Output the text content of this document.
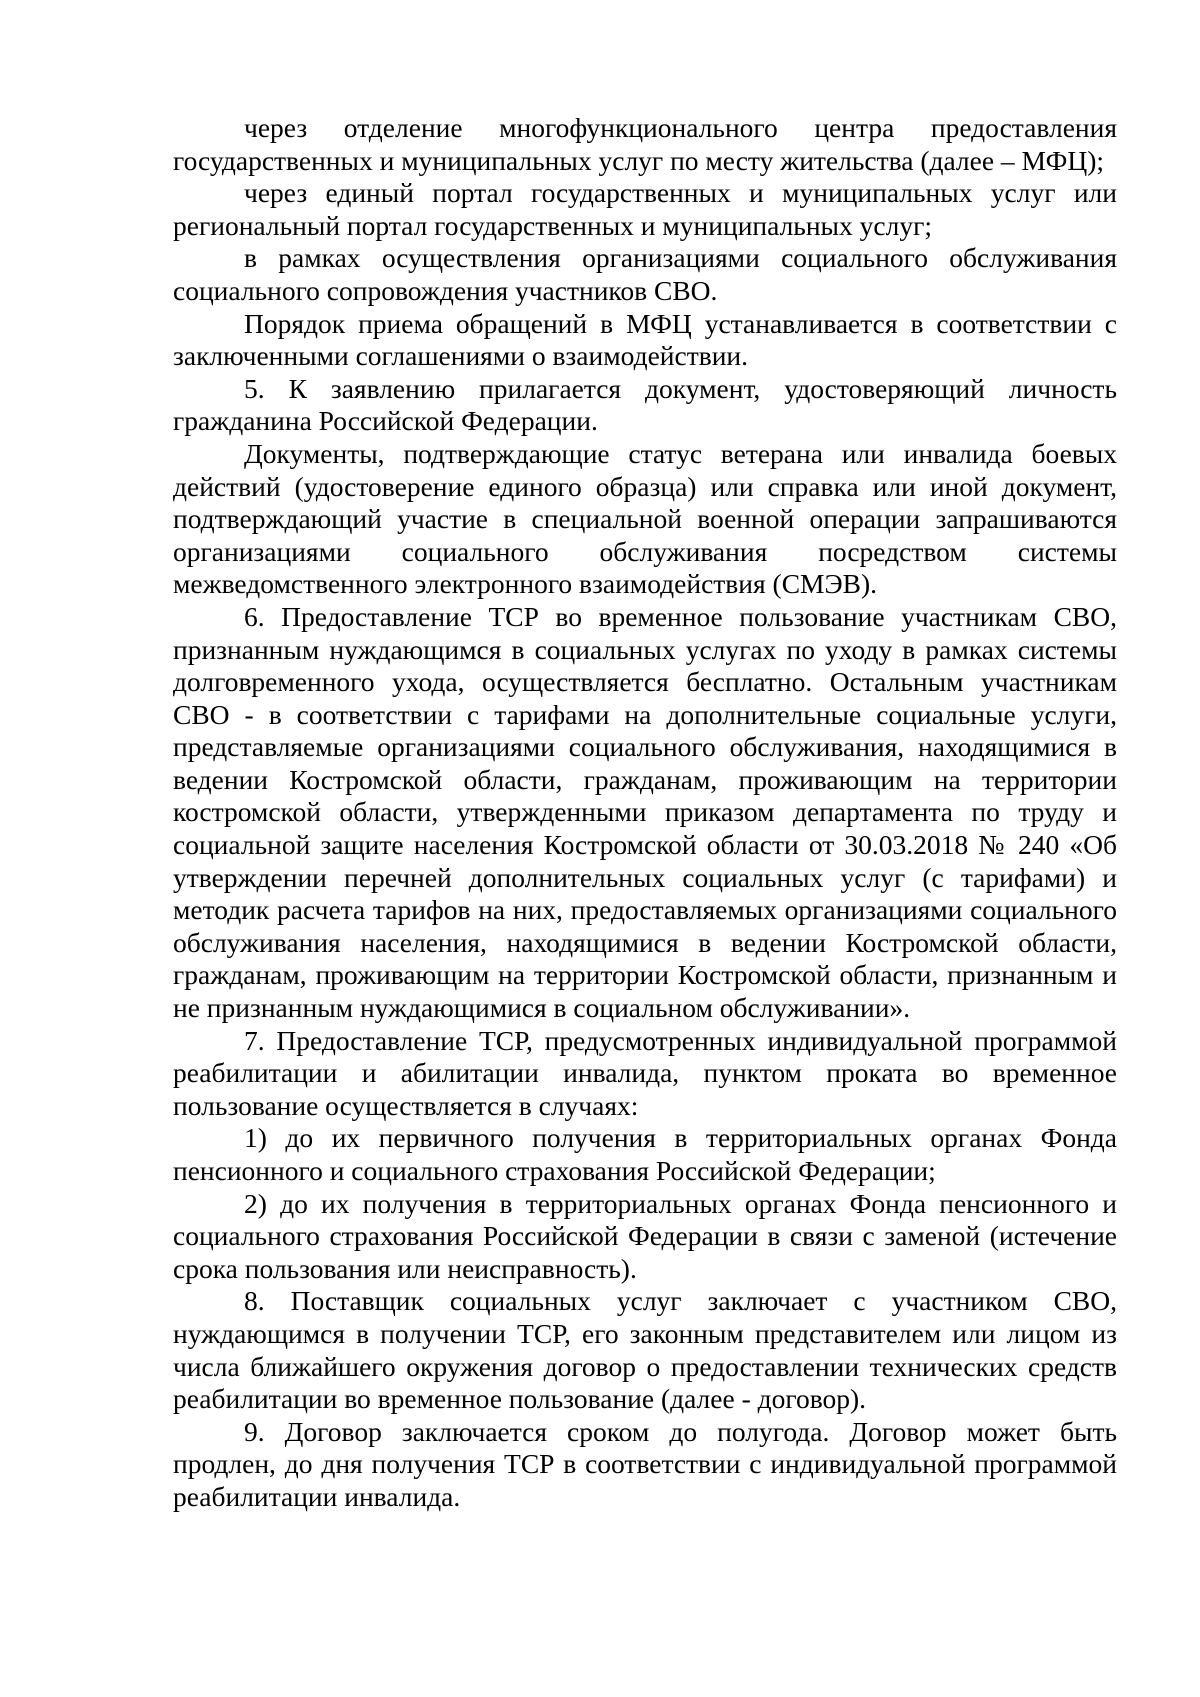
через отделение многофункционального центра предоставления государственных и муниципальных услуг по месту жительства (далее – МФЦ);

через единый портал государственных и муниципальных услуг или региональный портал государственных и муниципальных услуг;

в рамках осуществления организациями социального обслуживания социального сопровождения участников СВО.

Порядок приема обращений в МФЦ устанавливается в соответствии с заключенными соглашениями о взаимодействии.

5. К заявлению прилагается документ, удостоверяющий личность гражданина Российской Федерации.

Документы, подтверждающие статус ветерана или инвалида боевых действий (удостоверение единого образца) или справка или иной документ, подтверждающий участие в специальной военной операции запрашиваются организациями социального обслуживания посредством системы межведомственного электронного взаимодействия (СМЭВ).

6. Предоставление ТСР во временное пользование участникам СВО, признанным нуждающимся в социальных услугах по уходу в рамках системы долговременного ухода, осуществляется бесплатно. Остальным участникам СВО - в соответствии с тарифами на дополнительные социальные услуги, представляемые организациями социального обслуживания, находящимися в ведении Костромской области, гражданам, проживающим на территории костромской области, утвержденными приказом департамента по труду и социальной защите населения Костромской области от 30.03.2018 № 240 «Об утверждении перечней дополнительных социальных услуг (с тарифами) и методик расчета тарифов на них, предоставляемых организациями социального обслуживания населения, находящимися в ведении Костромской области, гражданам, проживающим на территории Костромской области, признанным и не признанным нуждающимися в социальном обслуживании».

7. Предоставление ТСР, предусмотренных индивидуальной программой реабилитации и абилитации инвалида, пунктом проката во временное пользование осуществляется в случаях:

1) до их первичного получения в территориальных органах Фонда пенсионного и социального страхования Российской Федерации;

2) до их получения в территориальных органах Фонда пенсионного и социального страхования Российской Федерации в связи с заменой (истечение срока пользования или неисправность).

8. Поставщик социальных услуг заключает с участником СВО, нуждающимся в получении ТСР, его законным представителем или лицом из числа ближайшего окружения договор о предоставлении технических средств реабилитации во временное пользование (далее - договор).

9. Договор заключается сроком до полугода. Договор может быть продлен, до дня получения ТСР в соответствии с индивидуальной программой реабилитации инвалида.
